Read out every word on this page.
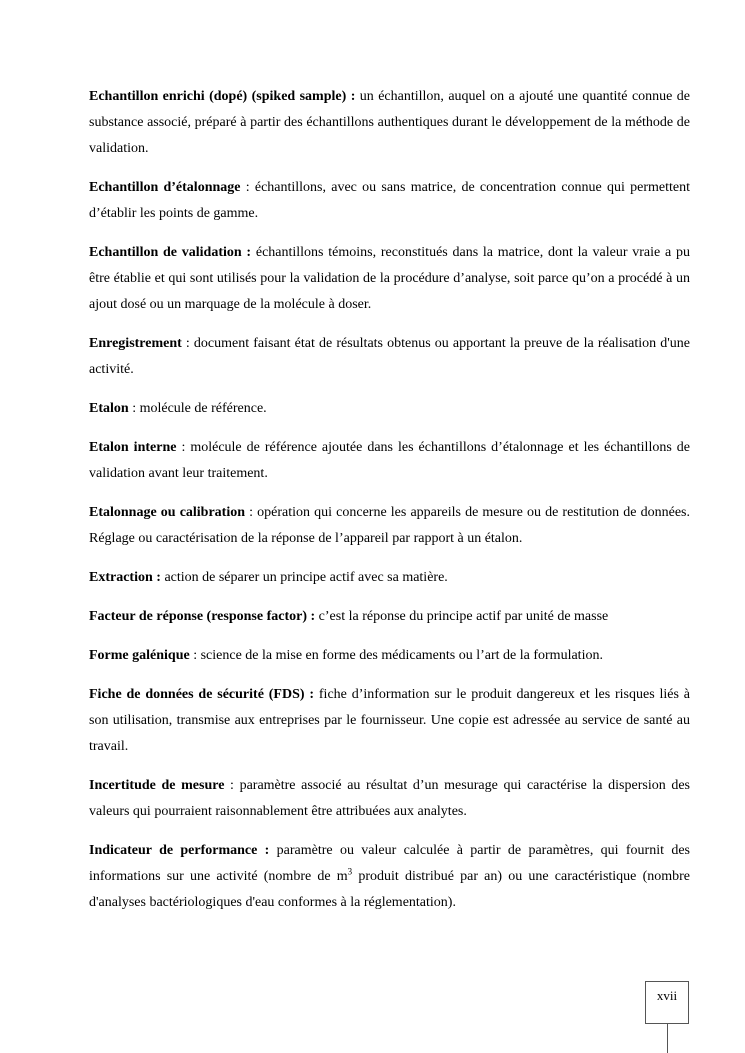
Echantillon enrichi (dopé) (spiked sample) : un échantillon, auquel on a ajouté une quantité connue de substance associé, préparé à partir des échantillons authentiques durant le développement de la méthode de validation.

Echantillon d’étalonnage : échantillons, avec ou sans matrice, de concentration connue qui permettent d’établir les points de gamme.

Echantillon de validation : échantillons témoins, reconstitués dans la matrice, dont la valeur vraie a pu être établie et qui sont utilisés pour la validation de la procédure d’analyse, soit parce qu’on a procédé à un ajout dosé ou un marquage de la molécule à doser.

Enregistrement : document faisant état de résultats obtenus ou apportant la preuve de la réalisation d'une activité.

Etalon : molécule de référence.

Etalon interne : molécule de référence ajoutée dans les échantillons d’étalonnage et les échantillons de validation avant leur traitement.

Etalonnage ou calibration : opération qui concerne les appareils de mesure ou de restitution de données. Réglage ou caractérisation de la réponse de l’appareil par rapport à un étalon.

Extraction : action de séparer un principe actif avec sa matière.

Facteur de réponse (response factor) : c’est la réponse du principe actif par unité de masse

Forme galénique : science de la mise en forme des médicaments ou l’art de la formulation.

Fiche de données de sécurité (FDS) : fiche d’information sur le produit dangereux et les risques liés à son utilisation, transmise aux entreprises par le fournisseur. Une copie est adressée au service de santé au travail.

Incertitude de mesure : paramètre associé au résultat d’un mesurage qui caractérise la dispersion des valeurs qui pourraient raisonnablement être attribuées aux analytes.

Indicateur de performance : paramètre ou valeur calculée à partir de paramètres, qui fournit des informations sur une activité (nombre de $m^3$ produit distribué par an) ou une caractéristique (nombre d'analyses bactériologiques d'eau conformes à la réglementation).

xvii
